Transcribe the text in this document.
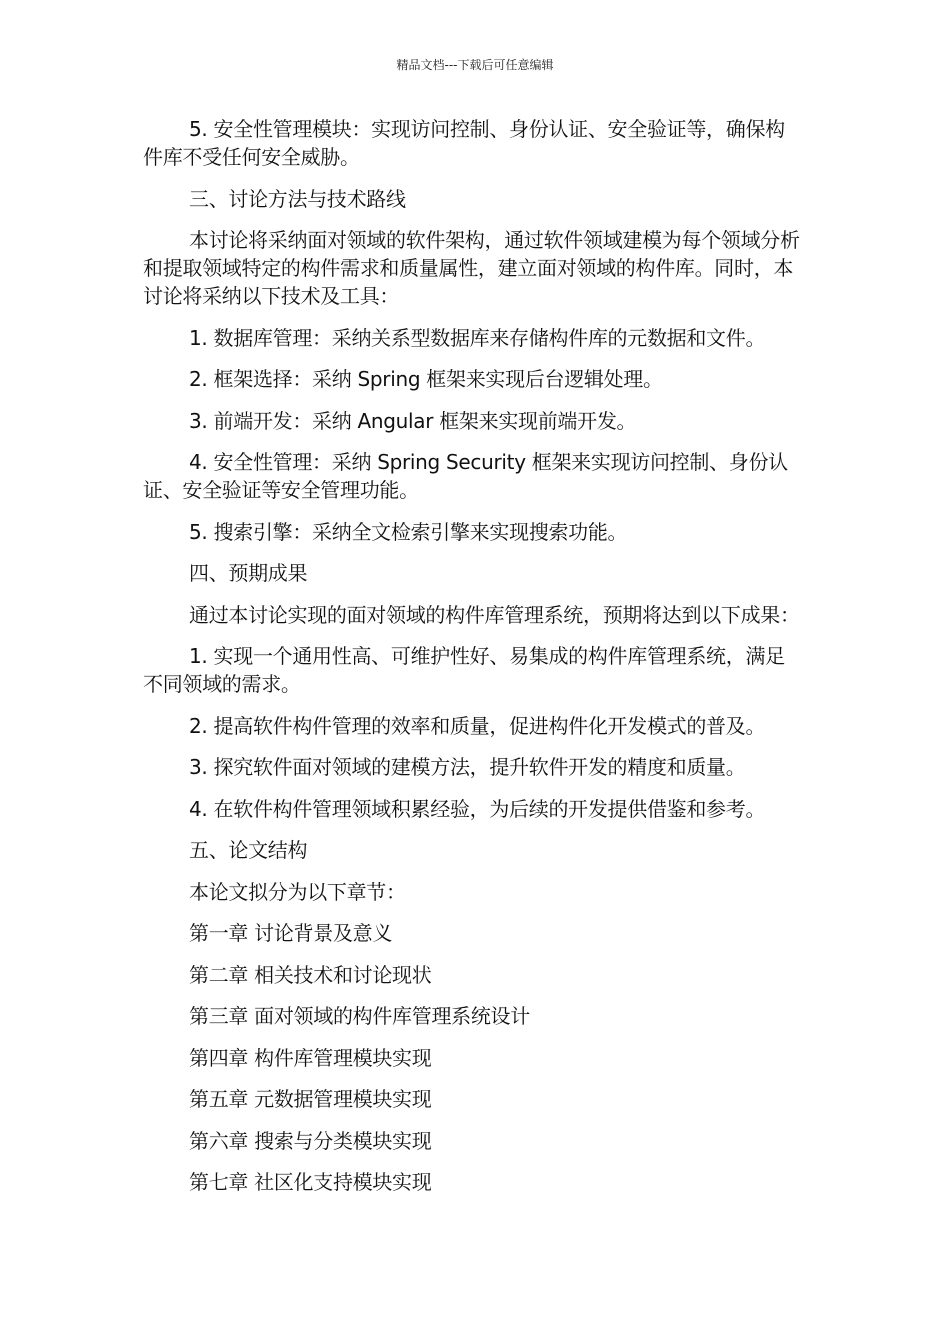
精品文档---下载后可任意编辑

5. 安全性管理模块：实现访问控制、身份认证、安全验证等，确保构件库不受任何安全威胁。

三、讨论方法与技术路线

本讨论将采纳面对领域的软件架构，通过软件领域建模为每个领域分析和提取领域特定的构件需求和质量属性，建立面对领域的构件库。同时，本讨论将采纳以下技术及工具：

1. 数据库管理：采纳关系型数据库来存储构件库的元数据和文件。

2. 框架选择：采纳 Spring 框架来实现后台逻辑处理。

3. 前端开发：采纳 Angular 框架来实现前端开发。

4. 安全性管理：采纳 Spring Security 框架来实现访问控制、身份认证、安全验证等安全管理功能。

5. 搜索引擎：采纳全文检索引擎来实现搜索功能。

四、预期成果

通过本讨论实现的面对领域的构件库管理系统，预期将达到以下成果：

1. 实现一个通用性高、可维护性好、易集成的构件库管理系统，满足不同领域的需求。

2. 提高软件构件管理的效率和质量，促进构件化开发模式的普及。

3. 探究软件面对领域的建模方法，提升软件开发的精度和质量。

4. 在软件构件管理领域积累经验，为后续的开发提供借鉴和参考。

五、论文结构

本论文拟分为以下章节：

第一章 讨论背景及意义

第二章 相关技术和讨论现状

第三章 面对领域的构件库管理系统设计

第四章 构件库管理模块实现

第五章 元数据管理模块实现

第六章 搜索与分类模块实现

第七章 社区化支持模块实现
